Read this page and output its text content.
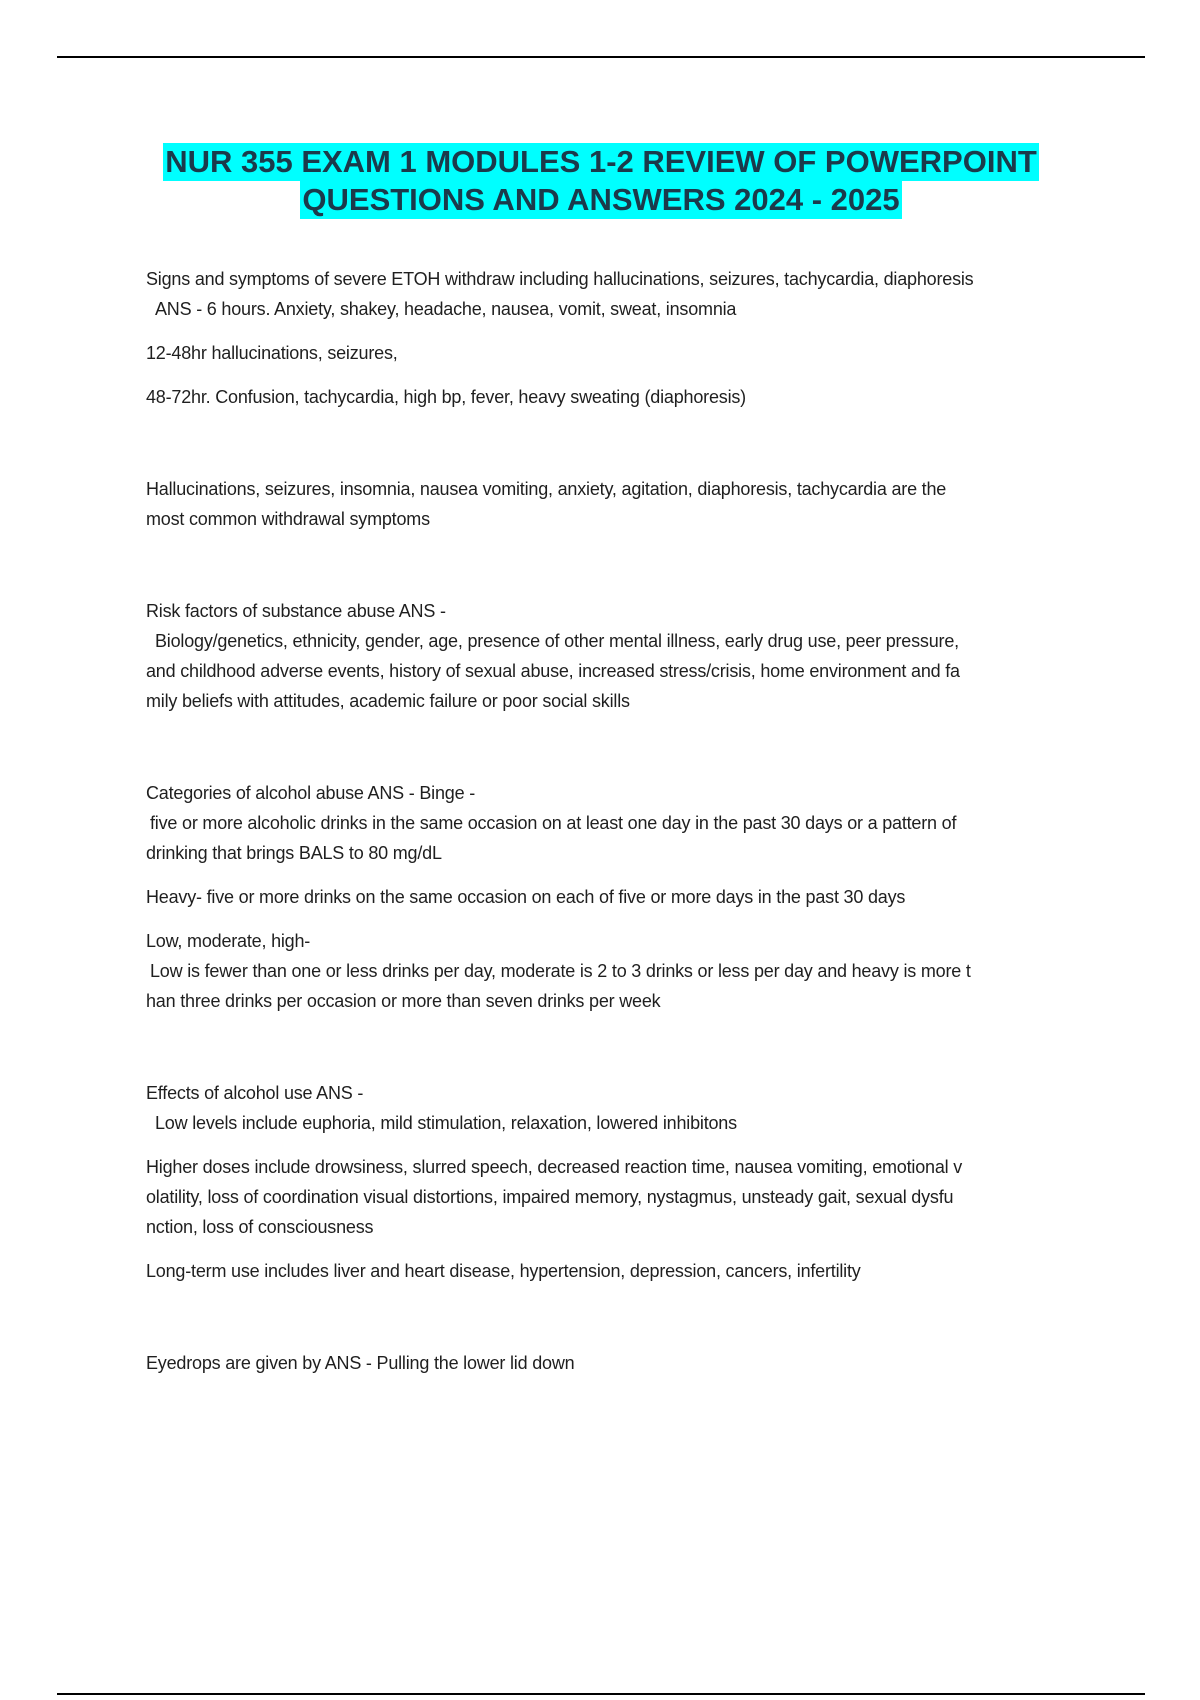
NUR 355 EXAM 1 MODULES 1-2 REVIEW OF POWERPOINT
QUESTIONS AND ANSWERS 2024 - 2025

Signs and symptoms of severe ETOH withdraw including hallucinations, seizures, tachycardia, diaphoresis

ANS - 6 hours. Anxiety, shakey, headache, nausea, vomit, sweat, insomnia

12-48hr hallucinations, seizures,

48-72hr. Confusion, tachycardia, high bp, fever, heavy sweating (diaphoresis)

Hallucinations, seizures, insomnia, nausea vomiting, anxiety, agitation, diaphoresis, tachycardia are the

most common withdrawal symptoms

Risk factors of substance abuse ANS -

Biology/genetics, ethnicity, gender, age, presence of other mental illness, early drug use, peer pressure,

and childhood adverse events, history of sexual abuse, increased stress/crisis, home environment and fa

mily beliefs with attitudes, academic failure or poor social skills

Categories of alcohol abuse ANS - Binge -

five or more alcoholic drinks in the same occasion on at least one day in the past 30 days or a pattern of

drinking that brings BALS to 80 mg/dL

Heavy- five or more drinks on the same occasion on each of five or more days in the past 30 days

Low, moderate, high-

Low is fewer than one or less drinks per day, moderate is 2 to 3 drinks or less per day and heavy is more t

han three drinks per occasion or more than seven drinks per week

Effects of alcohol use ANS -

Low levels include euphoria, mild stimulation, relaxation, lowered inhibitons

Higher doses include drowsiness, slurred speech, decreased reaction time, nausea vomiting, emotional v

olatility, loss of coordination visual distortions, impaired memory, nystagmus, unsteady gait, sexual dysfu

nction, loss of consciousness

Long-term use includes liver and heart disease, hypertension, depression, cancers, infertility

Eyedrops are given by ANS - Pulling the lower lid down
